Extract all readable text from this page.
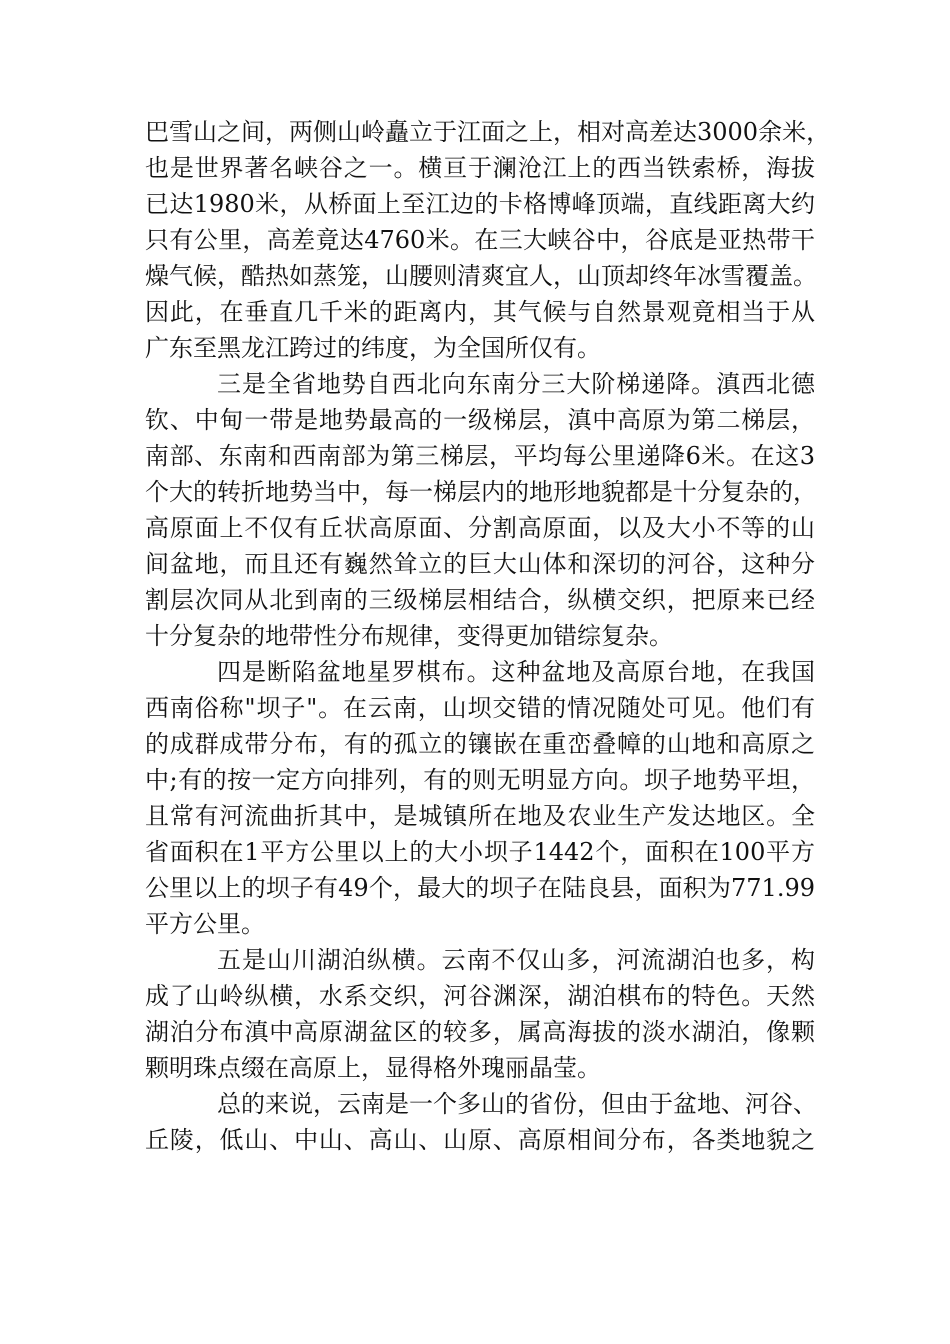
巴雪山之间，两侧山岭矗立于江面之上，相对高差达3000余米，
也是世界著名峡谷之一。横亘于澜沧江上的西当铁索桥，海拔
已达1980米，从桥面上至江边的卡格博峰顶端，直线距离大约
只有公里，高差竟达4760米。在三大峡谷中，谷底是亚热带干
燥气候，酷热如蒸笼，山腰则清爽宜人，山顶却终年冰雪覆盖。
因此，在垂直几千米的距离内，其气候与自然景观竟相当于从
广东至黑龙江跨过的纬度，为全国所仅有。
三是全省地势自西北向东南分三大阶梯递降。滇西北德
钦、中甸一带是地势最高的一级梯层，滇中高原为第二梯层，
南部、东南和西南部为第三梯层，平均每公里递降6米。在这3
个大的转折地势当中，每一梯层内的地形地貌都是十分复杂的，
高原面上不仅有丘状高原面、分割高原面，以及大小不等的山
间盆地，而且还有巍然耸立的巨大山体和深切的河谷，这种分
割层次同从北到南的三级梯层相结合，纵横交织，把原来已经
十分复杂的地带性分布规律，变得更加错综复杂。
四是断陷盆地星罗棋布。这种盆地及高原台地，在我国
西南俗称"坝子"。在云南，山坝交错的情况随处可见。他们有
的成群成带分布，有的孤立的镶嵌在重峦叠幛的山地和高原之
中;有的按一定方向排列，有的则无明显方向。坝子地势平坦，
且常有河流曲折其中，是城镇所在地及农业生产发达地区。全
省面积在1平方公里以上的大小坝子1442个，面积在100平方
公里以上的坝子有49个，最大的坝子在陆良县，面积为771.99
平方公里。
五是山川湖泊纵横。云南不仅山多，河流湖泊也多，构
成了山岭纵横，水系交织，河谷渊深，湖泊棋布的特色。天然
湖泊分布滇中高原湖盆区的较多，属高海拔的淡水湖泊，像颗
颗明珠点缀在高原上，显得格外瑰丽晶莹。
总的来说，云南是一个多山的省份，但由于盆地、河谷、
丘陵，低山、中山、高山、山原、高原相间分布，各类地貌之
